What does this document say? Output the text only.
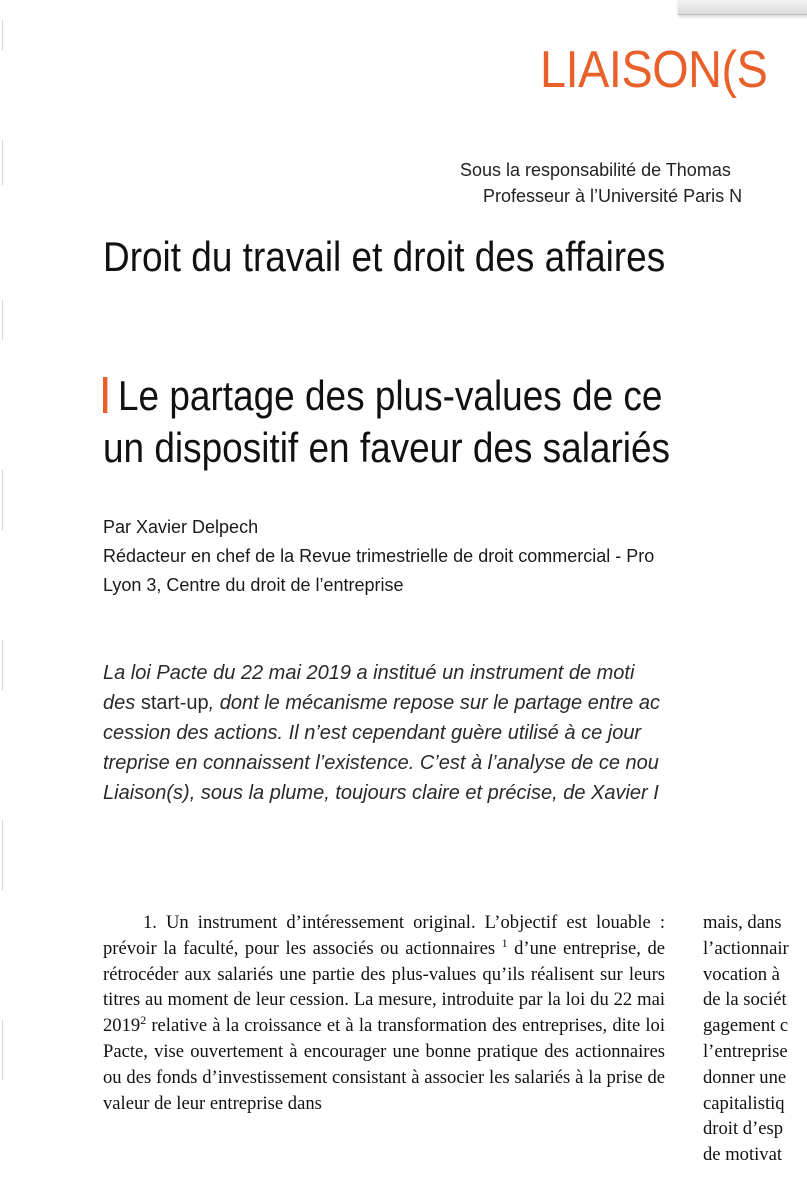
LIAISON(S
Sous la responsabilité de Thomas
Professeur à l’Université Paris N
Droit du travail et droit des affaires
Le partage des plus-values de ce
un dispositif en faveur des salariés
Par Xavier Delpech
Rédacteur en chef de la Revue trimestrielle de droit commercial - Pro
Lyon 3, Centre du droit de l’entreprise
La loi Pacte du 22 mai 2019 a institué un instrument de moti
des start-up, dont le mécanisme repose sur le partage entre ac
cession des actions. Il n’est cependant guère utilisé à ce jour
treprise en connaissent l’existence. C’est à l’analyse de ce nou
Liaison(s), sous la plume, toujours claire et précise, de Xavier I

1. Un instrument d’intéressement original. L’objectif est louable : prévoir la faculté, pour les associés ou actionnaires $^1$ d’une entreprise, de rétrocéder aux salariés une partie des plus-values qu’ils réalisent sur leurs titres au moment de leur cession. La mesure, introduite par la loi du 22 mai 2019$^2$ relative à la croissance et à la transformation des entreprises, dite loi Pacte, vise ouvertement à encourager une bonne pratique des actionnaires ou des fonds d’investissement consistant à associer les salariés à la prise de valeur de leur entreprise dans

mais, dans
l’actionnair
vocation à
de la sociét
gagement c
l’entreprise
donner une
capitalistiq
droit d’esp
de motivat
